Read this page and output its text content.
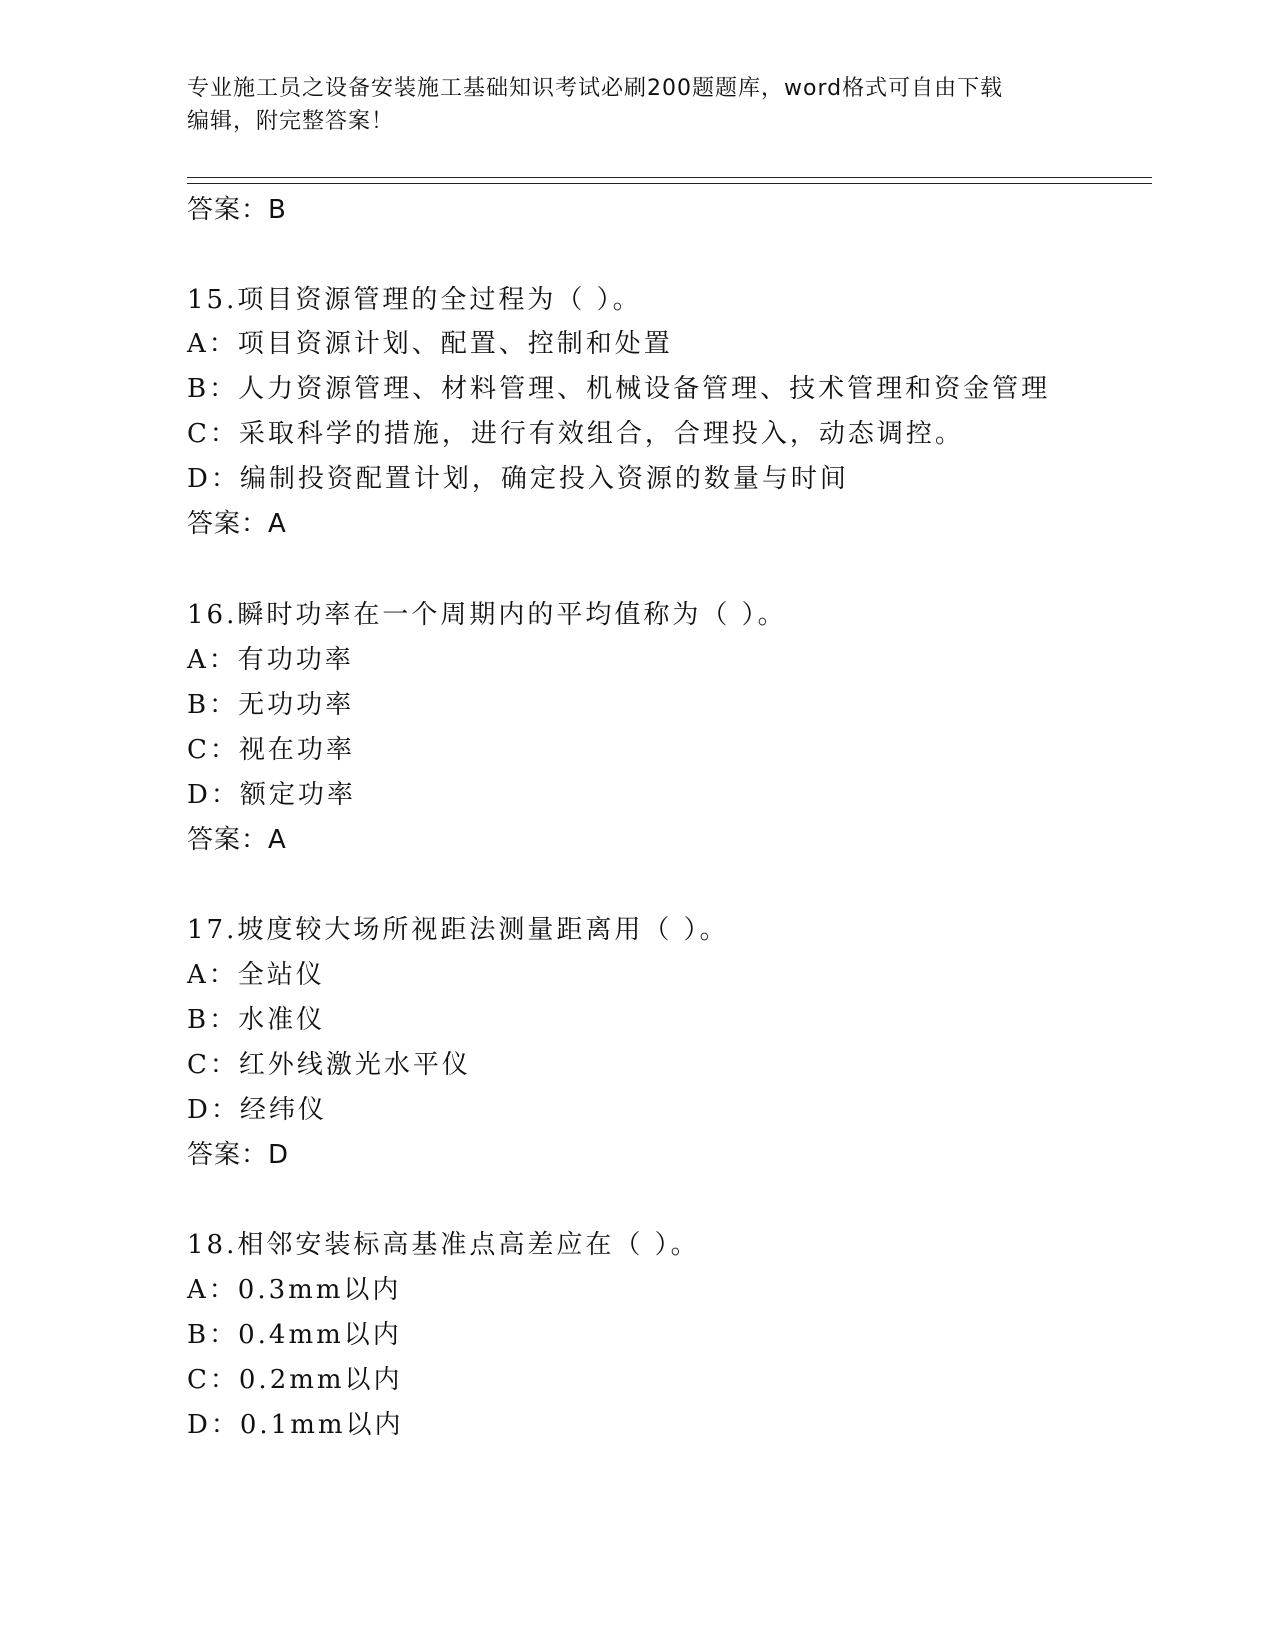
专业施工员之设备安装施工基础知识考试必刷200题题库，word格式可自由下载
编辑，附完整答案！
答案：B
15.项目资源管理的全过程为（ ）。
A：项目资源计划、配置、控制和处置
B：人力资源管理、材料管理、机械设备管理、技术管理和资金管理
C：采取科学的措施，进行有效组合，合理投入，动态调控。
D：编制投资配置计划，确定投入资源的数量与时间
答案：A
16.瞬时功率在一个周期内的平均值称为（ ）。
A：有功功率
B：无功功率
C：视在功率
D：额定功率
答案：A
17.坡度较大场所视距法测量距离用（ ）。
A：全站仪
B：水准仪
C：红外线激光水平仪
D：经纬仪
答案：D
18.相邻安装标高基准点高差应在（ ）。
A：0.3mm以内
B：0.4mm以内
C：0.2mm以内
D：0.1mm以内
